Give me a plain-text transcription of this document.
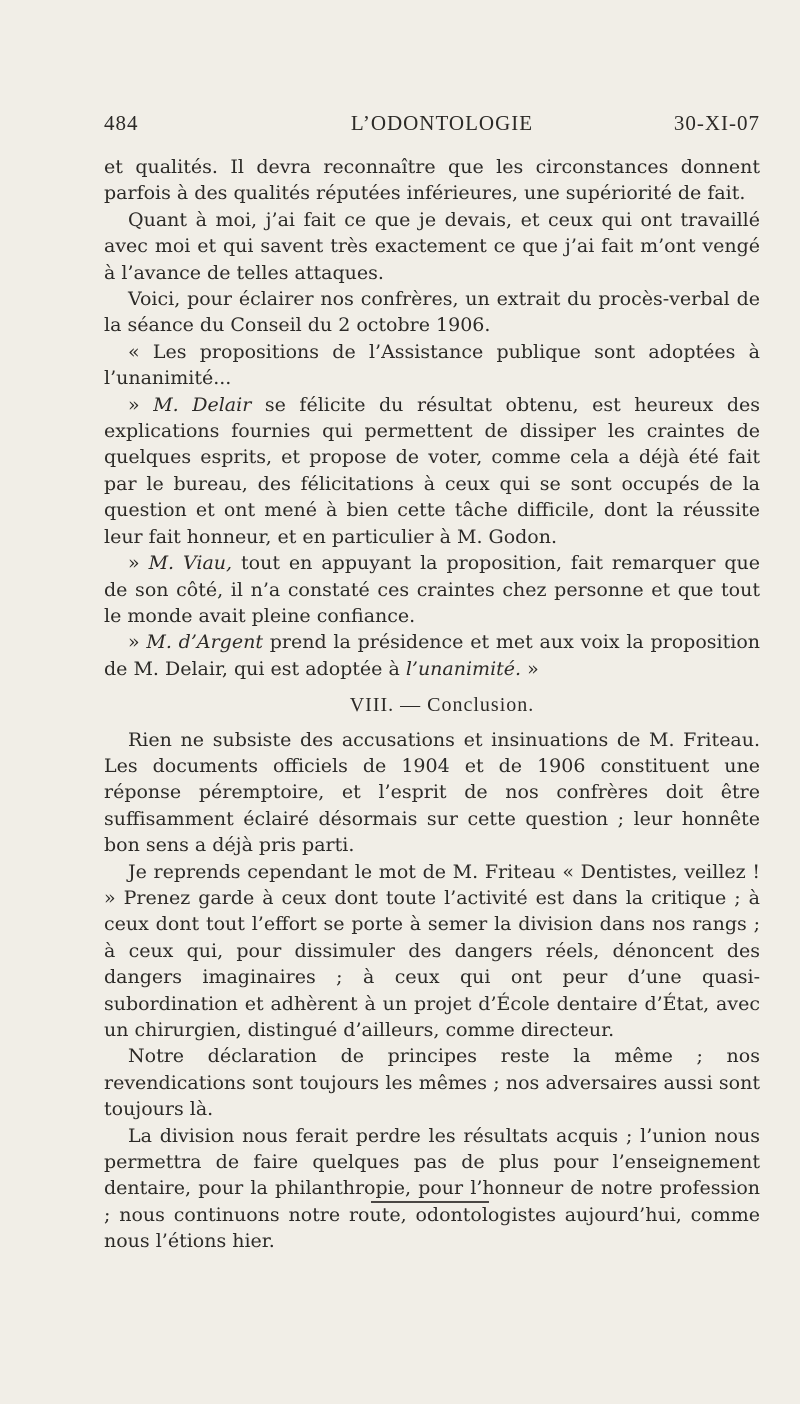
484	L’ODONTOLOGIE	30-XI-07

et qualités. Il devra reconnaître que les circonstances donnent parfois à des qualités réputées inférieures, une supériorité de fait.

Quant à moi, j’ai fait ce que je devais, et ceux qui ont travaillé avec moi et qui savent très exactement ce que j’ai fait m’ont vengé à l’avance de telles attaques.

Voici, pour éclairer nos confrères, un extrait du procès-verbal de la séance du Conseil du 2 octobre 1906.

« Les propositions de l’Assistance publique sont adoptées à l’unanimité...

» M. Delair se félicite du résultat obtenu, est heureux des explications fournies qui permettent de dissiper les craintes de quelques esprits, et propose de voter, comme cela a déjà été fait par le bureau, des félicitations à ceux qui se sont occupés de la question et ont mené à bien cette tâche difficile, dont la réussite leur fait honneur, et en particulier à M. Godon.

» M. Viau, tout en appuyant la proposition, fait remarquer que de son côté, il n’a constaté ces craintes chez personne et que tout le monde avait pleine confiance.

» M. d’Argent prend la présidence et met aux voix la proposition de M. Delair, qui est adoptée à l’unanimité. »

VIII. — Conclusion.

Rien ne subsiste des accusations et insinuations de M. Friteau. Les documents officiels de 1904 et de 1906 constituent une réponse péremptoire, et l’esprit de nos confrères doit être suffisamment éclairé désormais sur cette question ; leur honnête bon sens a déjà pris parti.

Je reprends cependant le mot de M. Friteau « Dentistes, veillez ! » Prenez garde à ceux dont toute l’activité est dans la critique ; à ceux dont tout l’effort se porte à semer la division dans nos rangs ; à ceux qui, pour dissimuler des dangers réels, dénoncent des dangers imaginaires ; à ceux qui ont peur d’une quasi-subordination et adhèrent à un projet d’École dentaire d’État, avec un chirurgien, distingué d’ailleurs, comme directeur.

Notre déclaration de principes reste la même ; nos revendications sont toujours les mêmes ; nos adversaires aussi sont toujours là.

La division nous ferait perdre les résultats acquis ; l’union nous permettra de faire quelques pas de plus pour l’enseignement dentaire, pour la philanthropie, pour l’honneur de notre profession ; nous continuons notre route, odontologistes aujourd’hui, comme nous l’étions hier.
